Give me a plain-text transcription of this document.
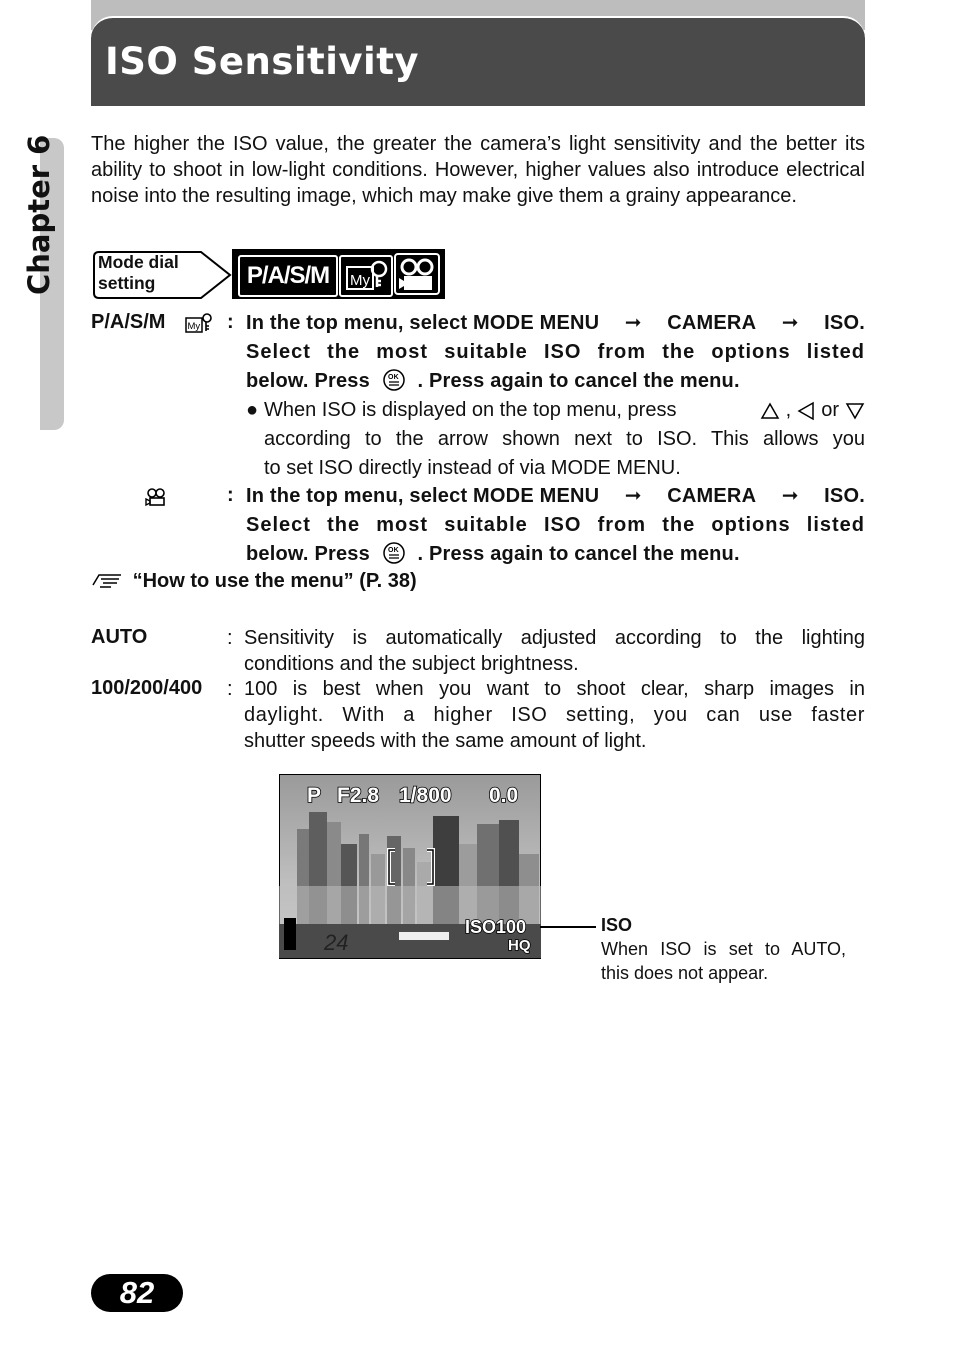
ISO Sensitivity
Chapter 6 The higher the ISO value, the greater the camera’s light sensitivity and the better its ability to shoot in low-light conditions. However, higher values also introduce electrical noise into the resulting image, which may make give them a grainy appearance.

Mode dial
setting	P/A/S/M	My
P/A/S/M My : In the top menu, select MODE MENU ➞ CAMERA ➞ ISO.
Select the most suitable ISO from the options listed
below. Press	OK . Press again to cancel the menu.
● When ISO is displayed on the top menu, press	, or
according to the arrow shown next to ISO. This allows you
to set ISO directly instead of via MODE MENU.
: In the top menu, select MODE MENU ➞ CAMERA ➞ ISO.
Select the most suitable ISO from the options listed
below. Press	OK . Press again to cancel the menu.
“How to use the menu” (P. 38)
AUTO	: Sensitivity is automatically adjusted according to the lighting
conditions and the subject brightness.
100/200/400 : 100 is best when you want to shoot clear, sharp images in
daylight. With a higher ISO setting, you can use faster
shutter speeds with the same amount of light.
P F2.8 1/800 0.0
ISO100
HQ
24
ISO
When ISO is set to AUTO,
this does not appear.
82
